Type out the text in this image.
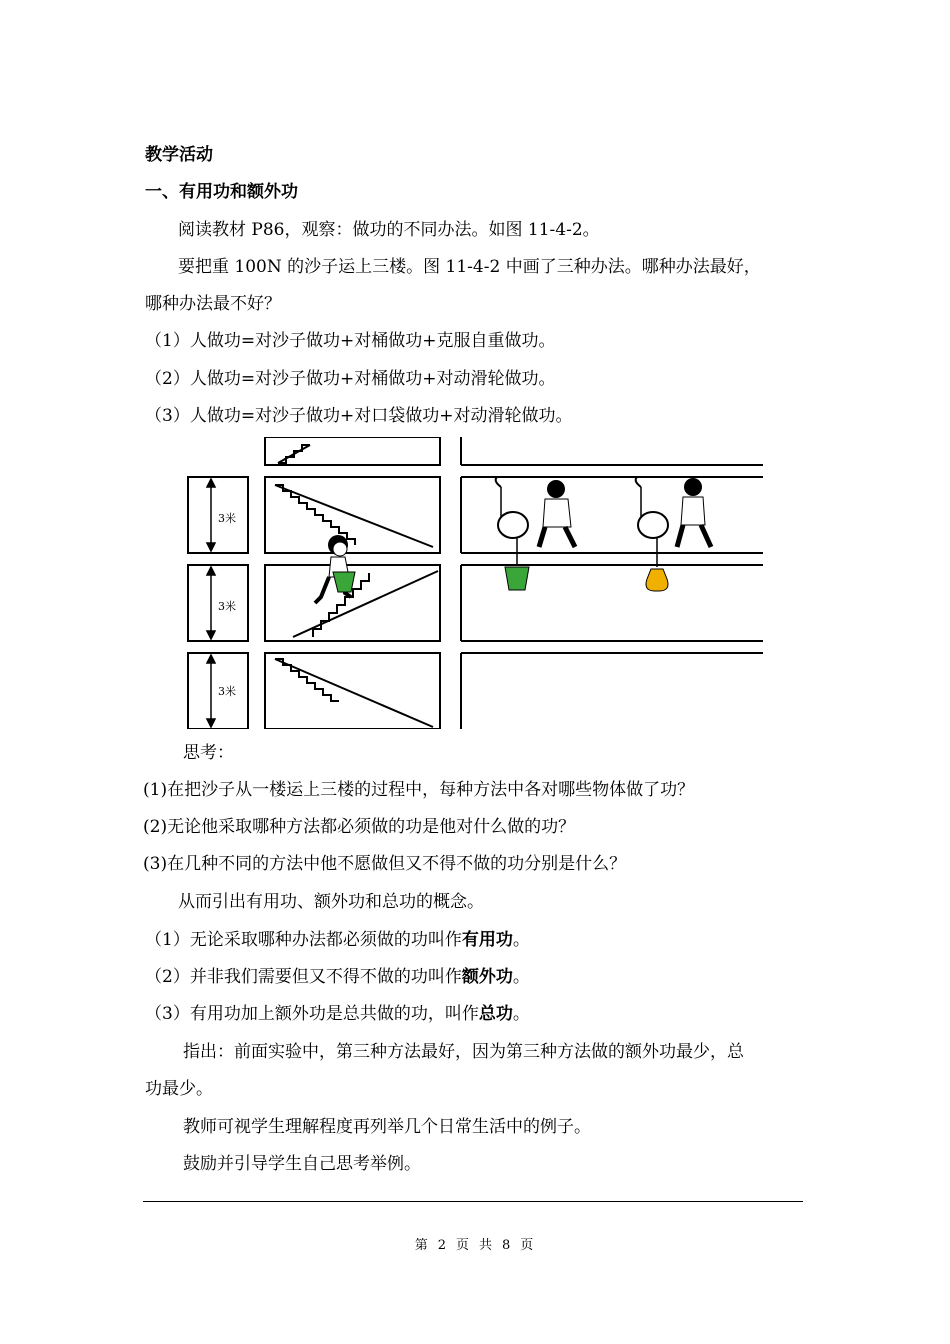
教学活动
一、有用功和额外功
阅读教材 P86，观察：做功的不同办法。如图 11-4-2。
要把重 100N 的沙子运上三楼。图 11-4-2 中画了三种办法。哪种办法最好，
哪种办法最不好？
（1）人做功=对沙子做功+对桶做功+克服自重做功。
（2）人做功=对沙子做功+对桶做功+对动滑轮做功。
（3）人做功=对沙子做功+对口袋做功+对动滑轮做功。
3米
3米
3米
思考：
(1)在把沙子从一楼运上三楼的过程中，每种方法中各对哪些物体做了功？
(2)无论他采取哪种方法都必须做的功是他对什么做的功？
(3)在几种不同的方法中他不愿做但又不得不做的功分别是什么？
从而引出有用功、额外功和总功的概念。
（1）无论采取哪种办法都必须做的功叫作有用功。
（2）并非我们需要但又不得不做的功叫作额外功。
（3）有用功加上额外功是总共做的功，叫作总功。
指出：前面实验中，第三种方法最好，因为第三种方法做的额外功最少，总
功最少。
教师可视学生理解程度再列举几个日常生活中的例子。
鼓励并引导学生自己思考举例。
第 2 页 共 8 页
